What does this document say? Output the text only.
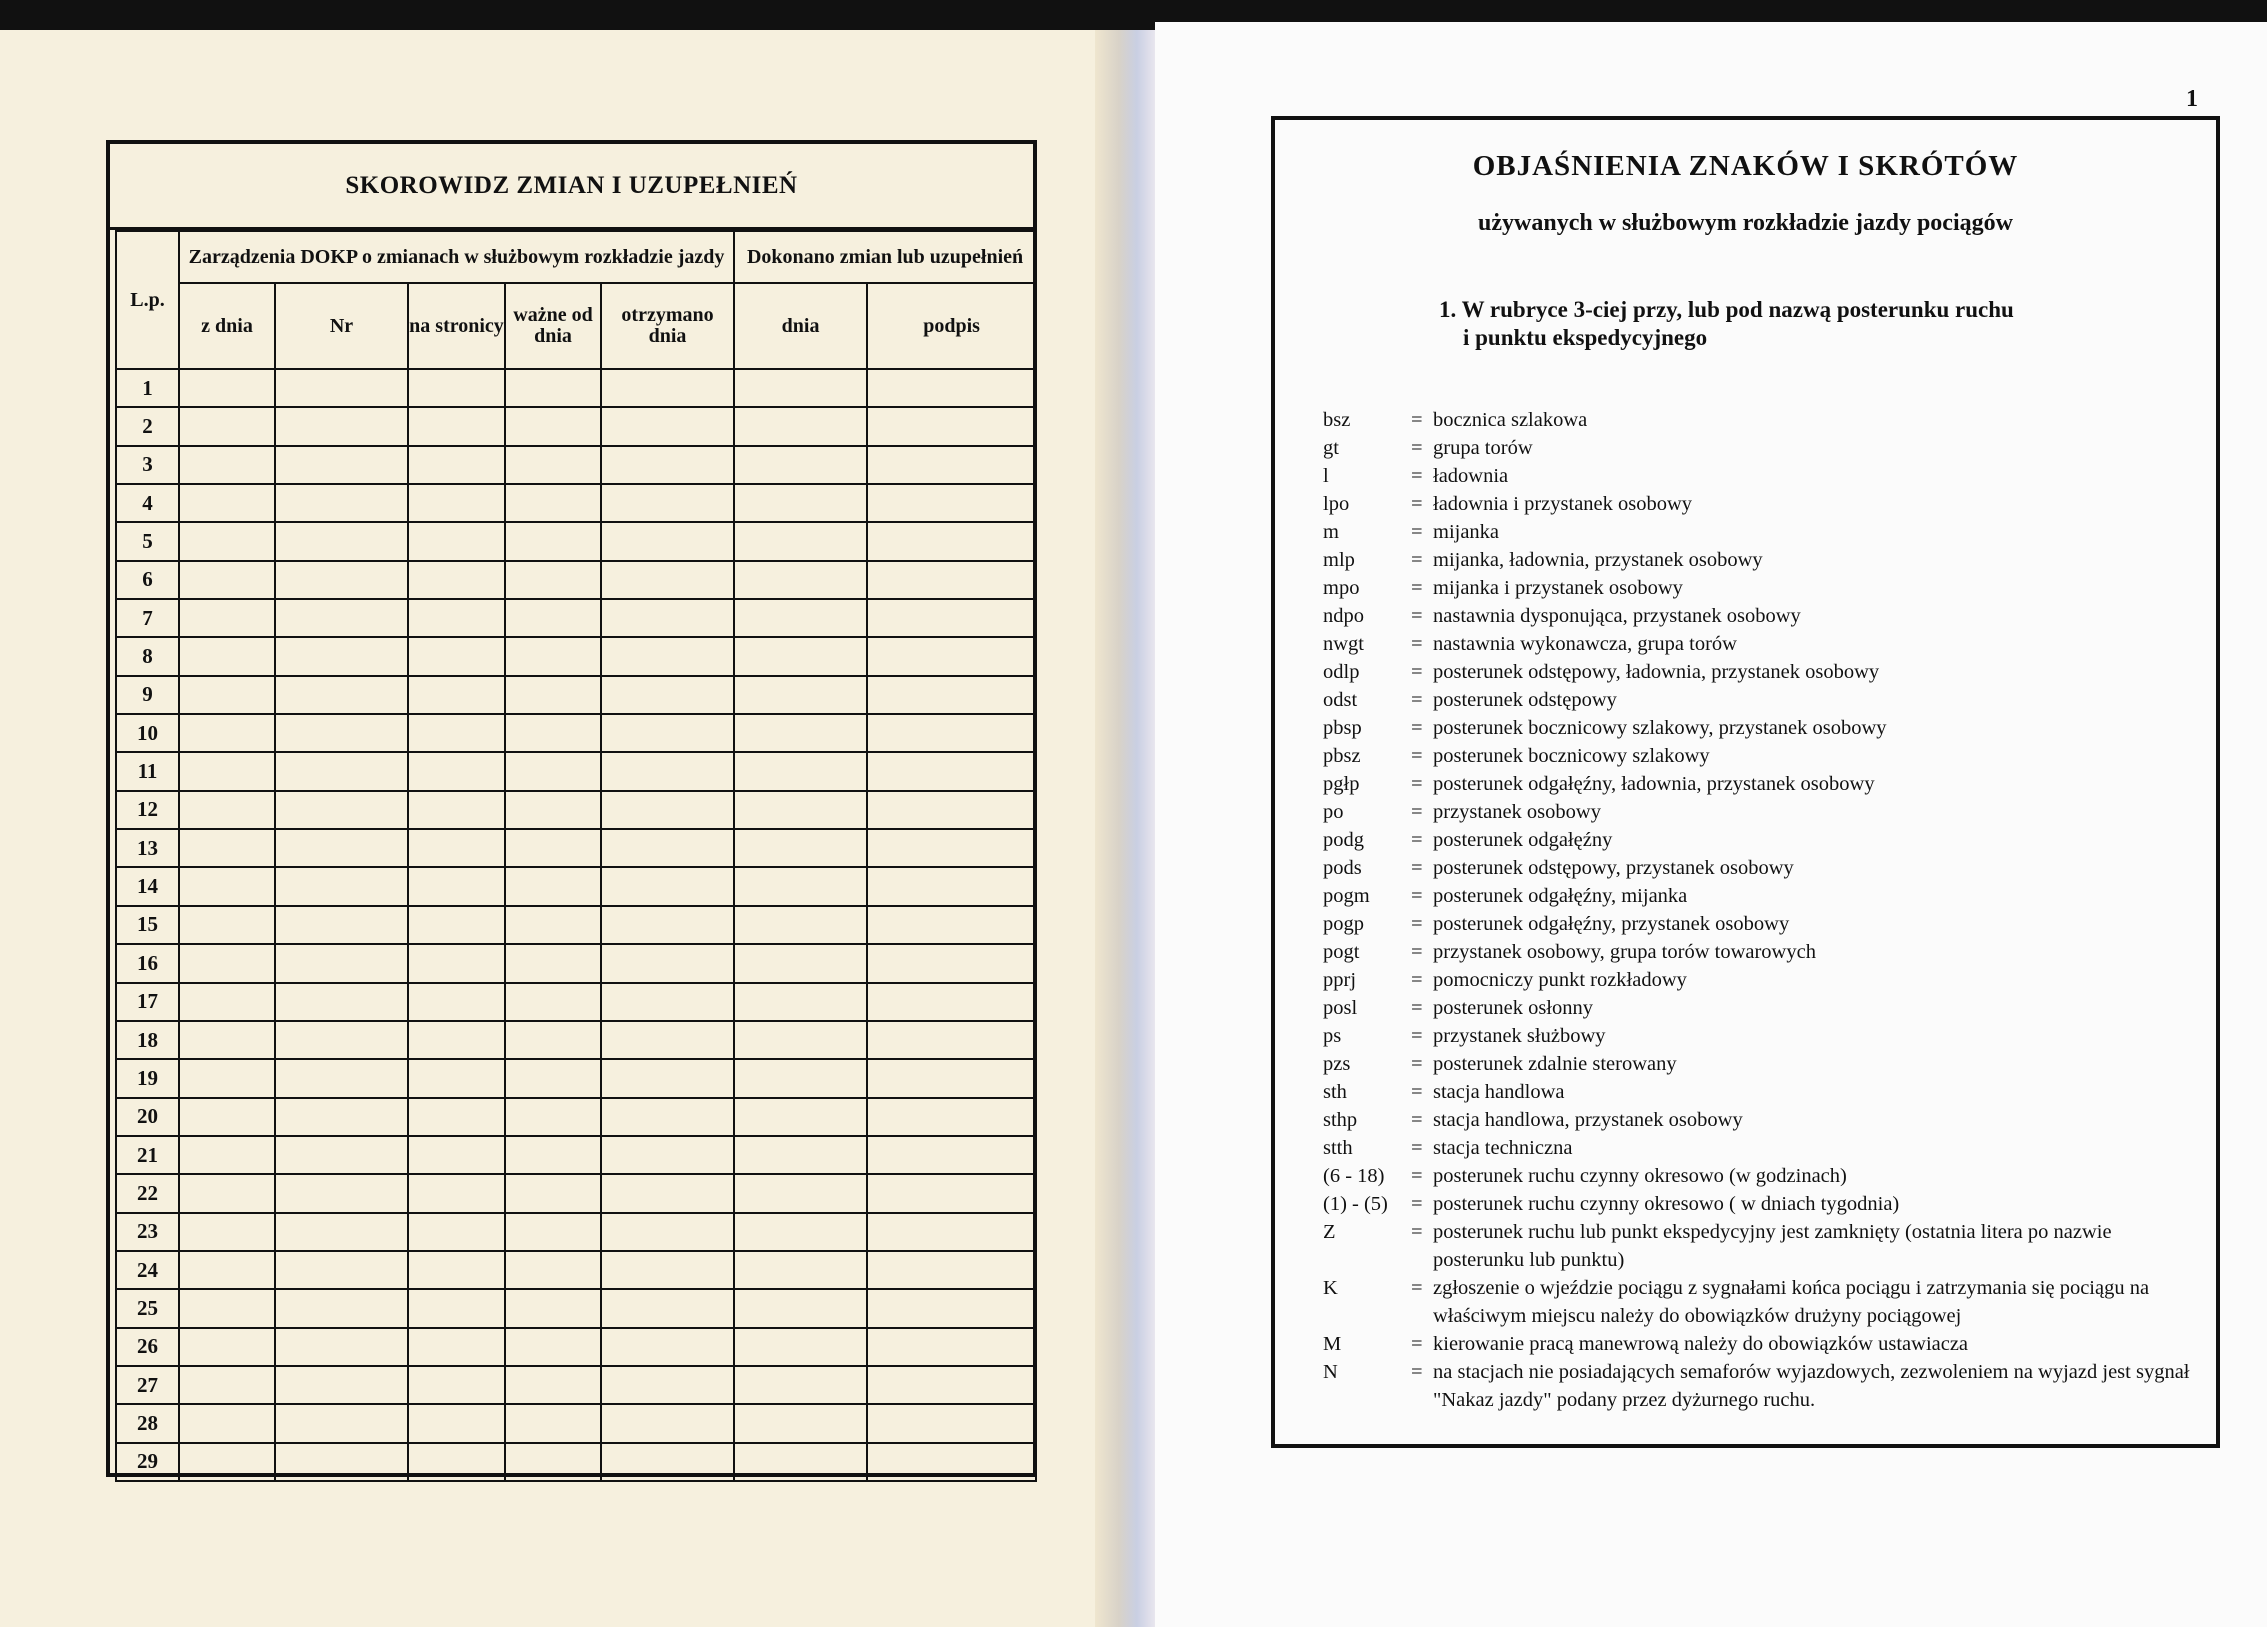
SKOROWIDZ ZMIAN I UZUPEŁNIEŃ
L.p.	Zarządzenia DOKP o zmianach w służbowym rozkładzie jazdy					Dokonano zmian lub uzupełnień	
	z dnia	Nr	na stronicy	ważne od dnia	otrzymano dnia	dnia	podpis
1							
2							
3							
4							
5							
6							
7							
8							
9							
10							
11							
12							
13							
14							
15							
16							
17							
18							
19							
20							
21							
22							
23							
24							
25							
26							
27							
28							
29							
1
OBJAŚNIENIA ZNAKÓW I SKRÓTÓW
używanych w służbowym rozkładzie jazdy pociągów
1. W rubryce 3-ciej przy, lub pod nazwą posterunku ruchu
i punktu ekspedycyjnego
bsz	= bocznica szlakowa
gt	= grupa torów
l	= ładownia
lpo	= ładownia i przystanek osobowy
m	= mijanka
mlp	= mijanka, ładownia, przystanek osobowy
mpo	= mijanka i przystanek osobowy
ndpo	= nastawnia dysponująca, przystanek osobowy
nwgt	= nastawnia wykonawcza, grupa torów
odlp	= posterunek odstępowy, ładownia, przystanek osobowy
odst	= posterunek odstępowy
pbsp	= posterunek bocznicowy szlakowy, przystanek osobowy
pbsz	= posterunek bocznicowy szlakowy
pgłp	= posterunek odgałęźny, ładownia, przystanek osobowy
po	= przystanek osobowy
podg	= posterunek odgałęźny
pods	= posterunek odstępowy, przystanek osobowy
pogm	= posterunek odgałęźny, mijanka
pogp	= posterunek odgałęźny, przystanek osobowy
pogt	= przystanek osobowy, grupa torów towarowych
pprj	= pomocniczy punkt rozkładowy
posl	= posterunek osłonny
ps	= przystanek służbowy
pzs	= posterunek zdalnie sterowany
sth	= stacja handlowa
sthp	= stacja handlowa, przystanek osobowy
stth	= stacja techniczna
(6 - 18)	= posterunek ruchu czynny okresowo (w godzinach)
(1) - (5)	= posterunek ruchu czynny okresowo ( w dniach tygodnia)
Z	= posterunek ruchu lub punkt ekspedycyjny jest zamknięty (ostatnia litera po nazwie posterunku lub punktu)
K	= zgłoszenie o wjeździe pociągu z sygnałami końca pociągu i zatrzymania się pociągu na właściwym miejscu należy do obowiązków drużyny pociągowej
M	= kierowanie pracą manewrową należy do obowiązków ustawiacza
N	= na stacjach nie posiadających semaforów wyjazdowych, zezwoleniem na wyjazd jest sygnał "Nakaz jazdy" podany przez dyżurnego ruchu.
